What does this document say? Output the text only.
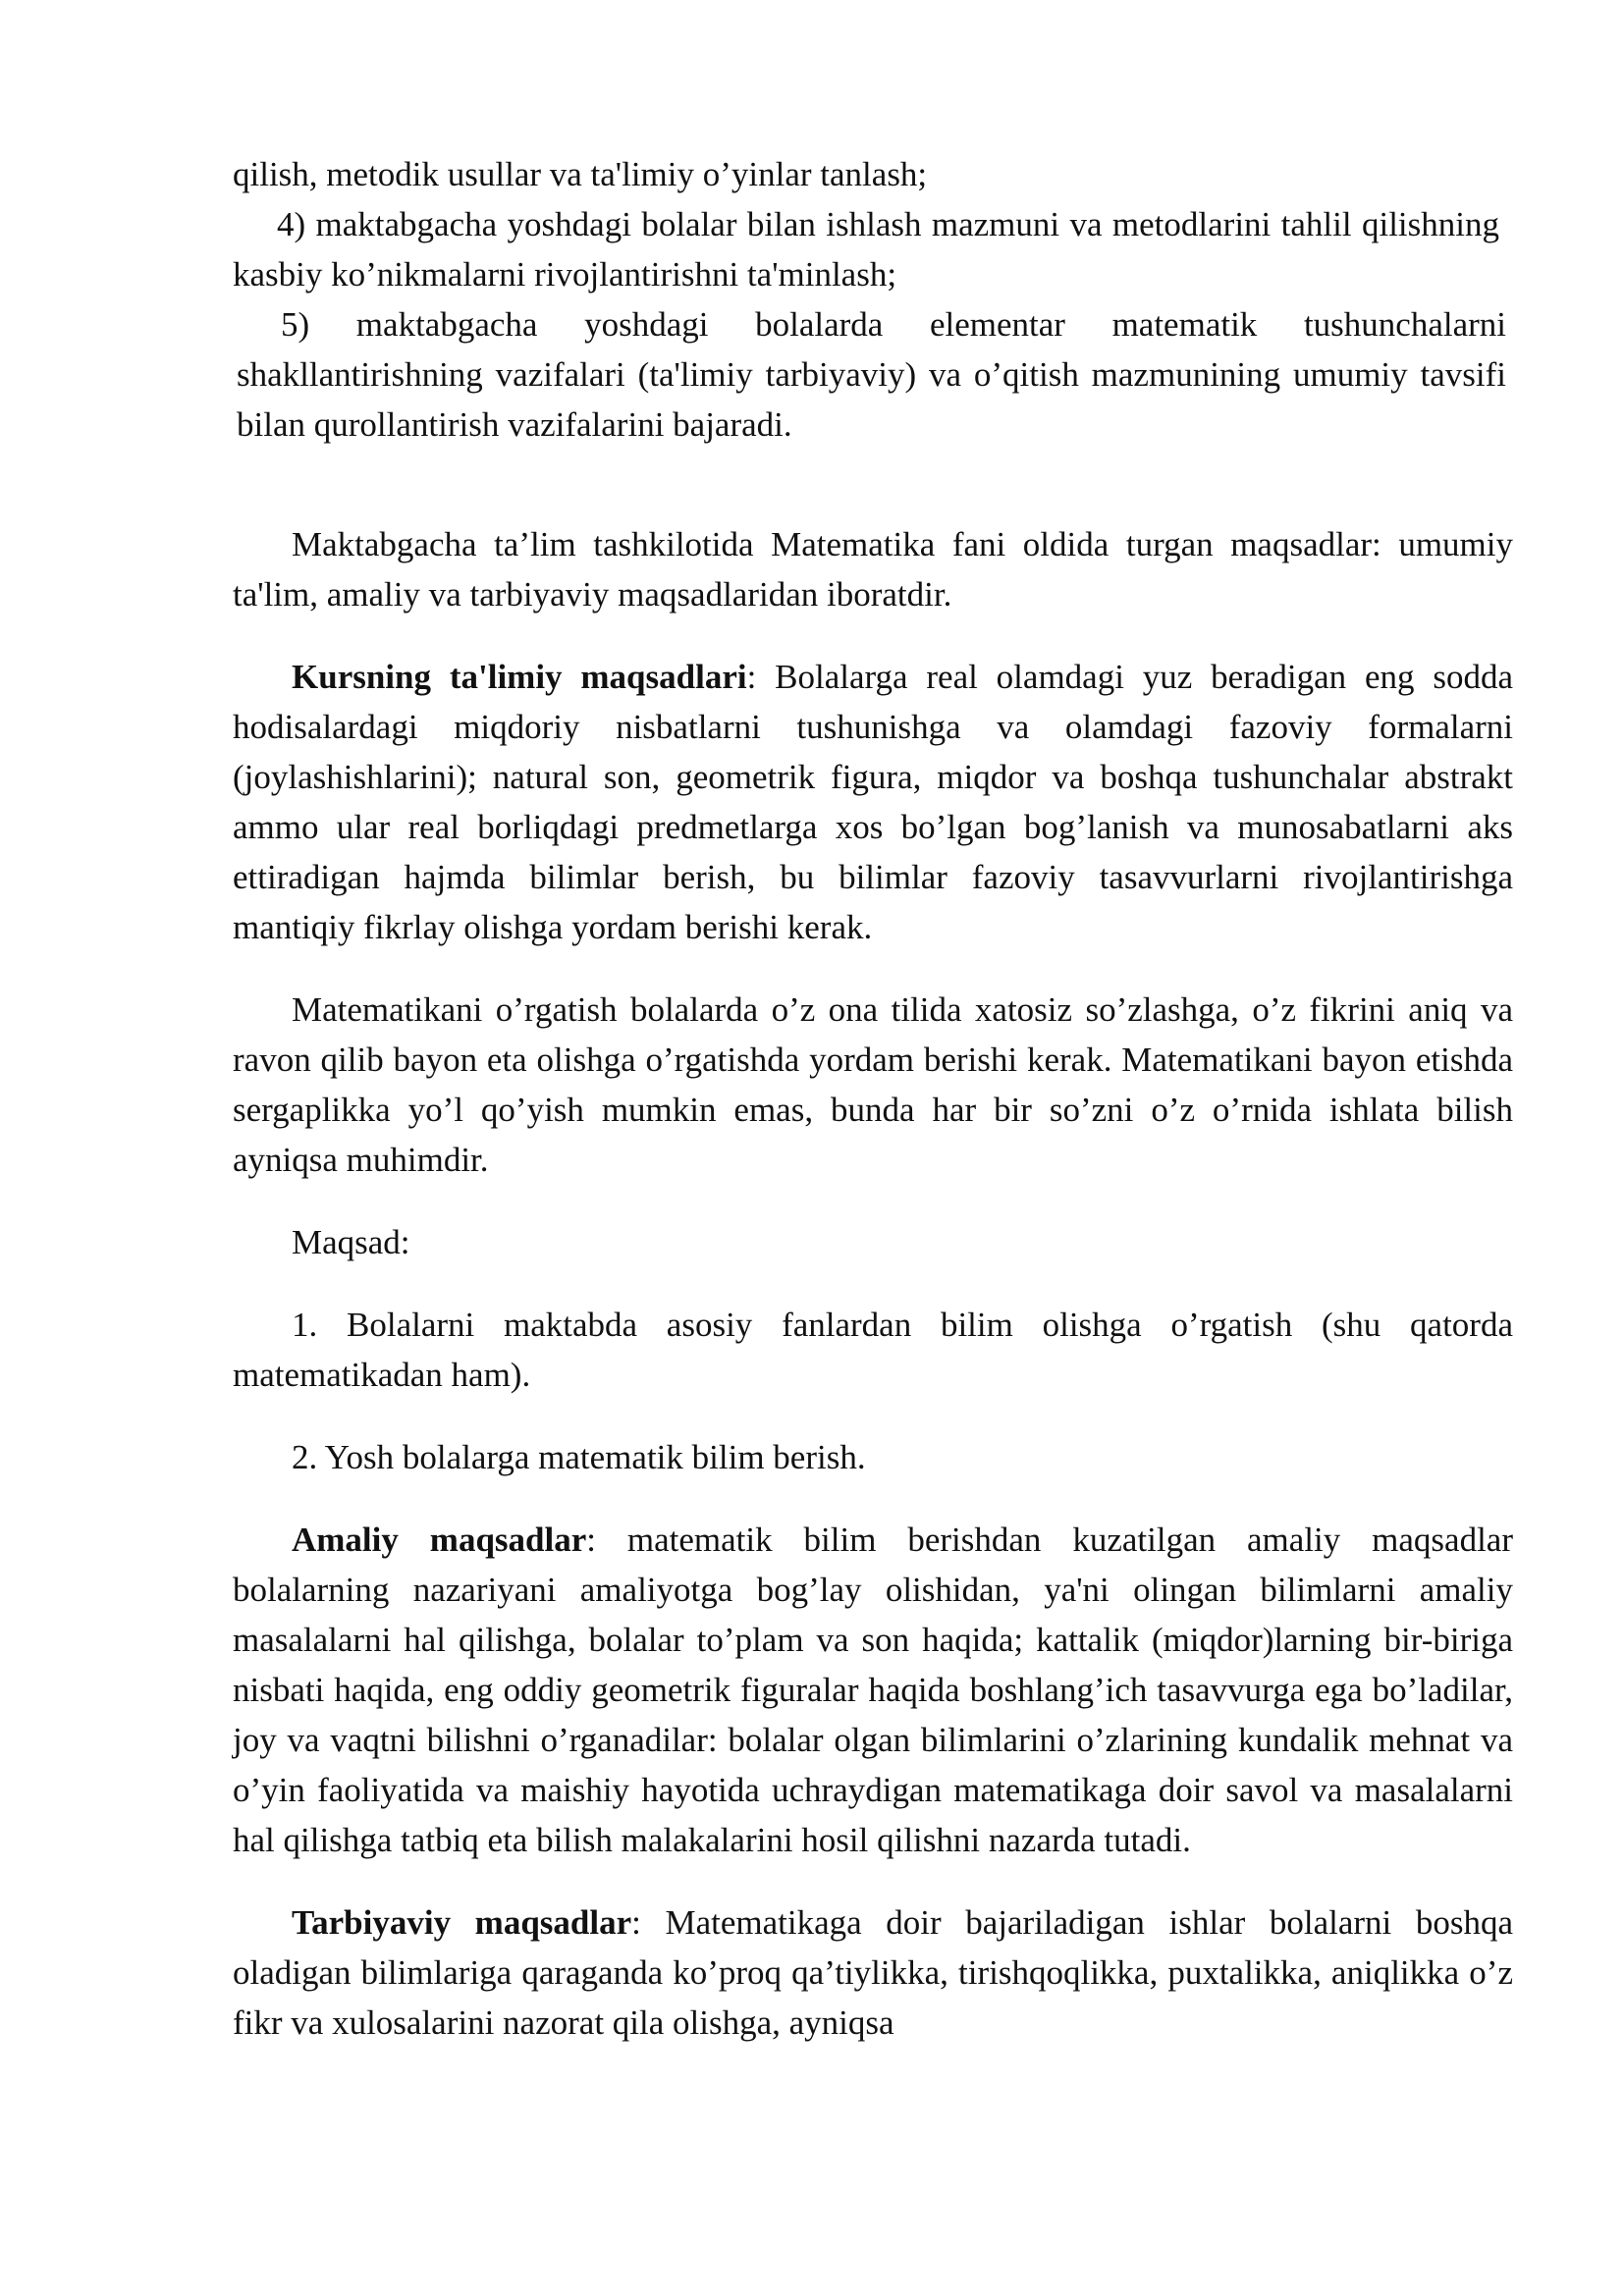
qilish, metodik usullar va ta'limiy o’yinlar tanlash;

4) maktabgacha yoshdagi bolalar bilan ishlash mazmuni va metodlarini tahlil qilishning kasbiy ko’nikmalarni rivojlantirishni ta'minlash;

5) maktabgacha yoshdagi bolalarda elementar matematik tushunchalarni shakllantirishning vazifalari (ta'limiy tarbiyaviy) va o’qitish mazmunining umumiy tavsifi bilan qurollantirish vazifalarini bajaradi.

Maktabgacha ta’lim tashkilotida Matematika fani oldida turgan maqsadlar: umumiy ta'lim, amaliy va tarbiyaviy maqsadlaridan iboratdir.

Kursning ta'limiy maqsadlari: Bolalarga real olamdagi yuz beradigan eng sodda hodisalardagi miqdoriy nisbatlarni tushunishga va olamdagi fazoviy formalarni (joylashishlarini); natural son, geometrik figura, miqdor va boshqa tushunchalar abstrakt ammo ular real borliqdagi predmetlarga xos bo’lgan bog’lanish va munosabatlarni aks ettiradigan hajmda bilimlar berish, bu bilimlar fazoviy tasavvurlarni rivojlantirishga mantiqiy fikrlay olishga yordam berishi kerak.

Matematikani o’rgatish bolalarda o’z ona tilida xatosiz so’zlashga, o’z fikrini aniq va ravon qilib bayon eta olishga o’rgatishda yordam berishi kerak. Matematikani bayon etishda sergaplikka yo’l qo’yish mumkin emas, bunda har bir so’zni o’z o’rnida ishlata bilish ayniqsa muhimdir.

Maqsad:

1. Bolalarni maktabda asosiy fanlardan bilim olishga o’rgatish (shu qatorda matematikadan ham).

2. Yosh bolalarga matematik bilim berish.

Amaliy maqsadlar: matematik bilim berishdan kuzatilgan amaliy maqsadlar bolalarning nazariyani amaliyotga bog’lay olishidan, ya'ni olingan bilimlarni amaliy masalalarni hal qilishga, bolalar to’plam va son haqida; kattalik (miqdor)larning bir-biriga nisbati haqida, eng oddiy geometrik figuralar haqida boshlang’ich tasavvurga ega bo’ladilar, joy va vaqtni bilishni o’rganadilar: bolalar olgan bilimlarini o’zlarining kundalik mehnat va o’yin faoliyatida va maishiy hayotida uchraydigan matematikaga doir savol va masalalarni hal qilishga tatbiq eta bilish malakalarini hosil qilishni nazarda tutadi.

Tarbiyaviy maqsadlar: Matematikaga doir bajariladigan ishlar bolalarni boshqa oladigan bilimlariga qaraganda ko’proq qa’tiylikka, tirishqoqlikka, puxtalikka, aniqlikka o’z fikr va xulosalarini nazorat qila olishga, ayniqsa
